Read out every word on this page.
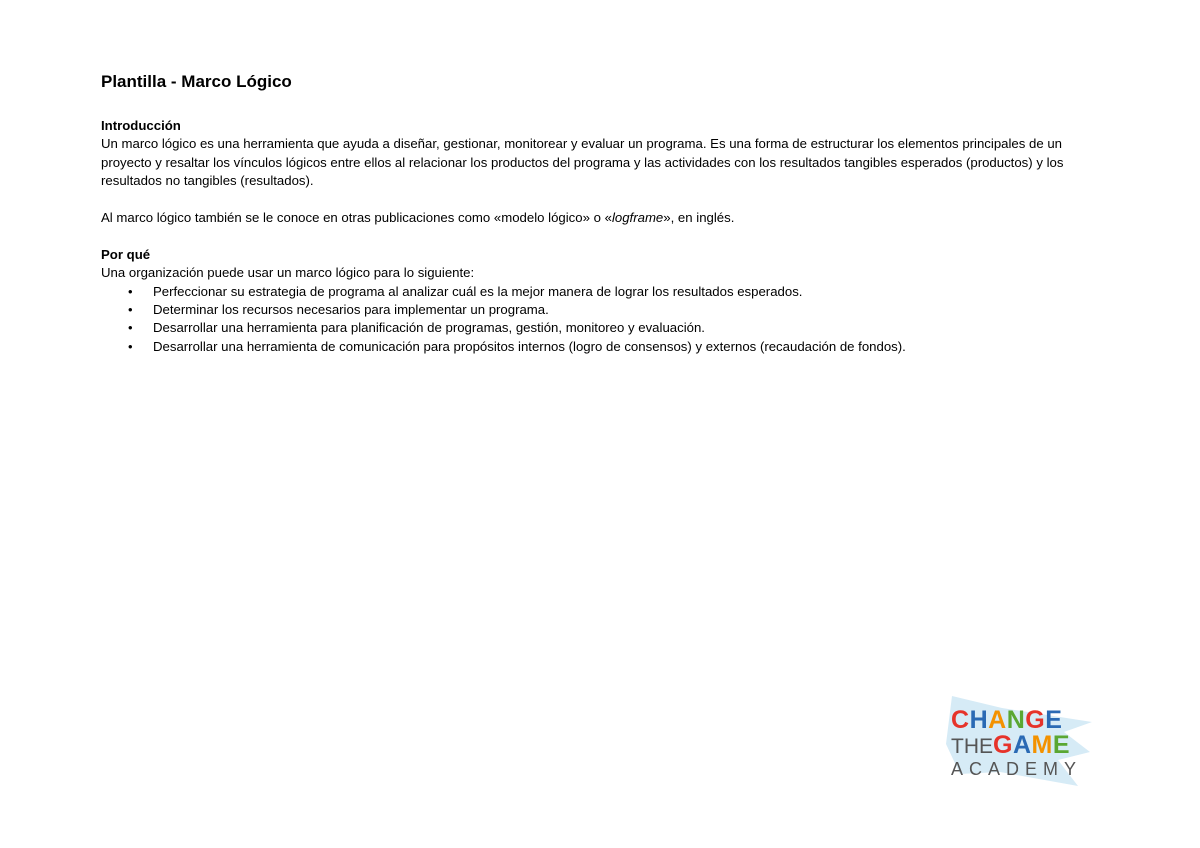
Plantilla - Marco Lógico

Introducción

Un marco lógico es una herramienta que ayuda a diseñar, gestionar, monitorear y evaluar un programa. Es una forma de estructurar los elementos principales de un proyecto y resaltar los vínculos lógicos entre ellos al relacionar los productos del programa y las actividades con los resultados tangibles esperados (productos) y los resultados no tangibles (resultados).

Al marco lógico también se le conoce en otras publicaciones como «modelo lógico» o «logframe», en inglés.

Por qué

Una organización puede usar un marco lógico para lo siguiente:

• Perfeccionar su estrategia de programa al analizar cuál es la mejor manera de lograr los resultados esperados.
• Determinar los recursos necesarios para implementar un programa.
• Desarrollar una herramienta para planificación de programas, gestión, monitoreo y evaluación.
• Desarrollar una herramienta de comunicación para propósitos internos (logro de consensos) y externos (recaudación de fondos).
CHANGE
THEGAME
ACADEMY
